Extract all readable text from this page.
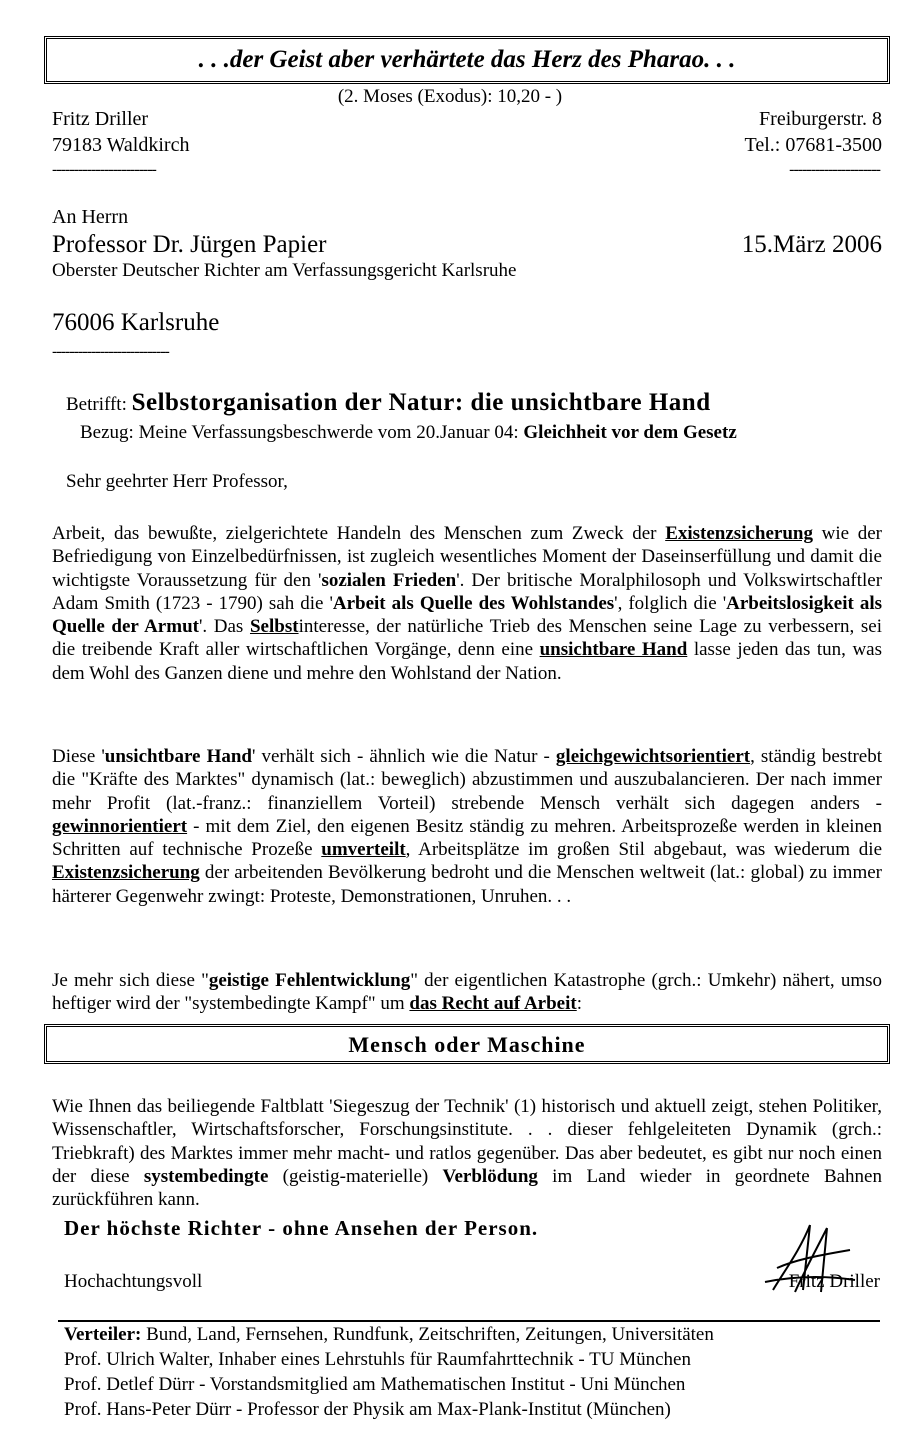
. . .der Geist aber verhärtete das Herz des Pharao. . .
(2. Moses (Exodus): 10,20 - )
Fritz Driller
79183 Waldkirch
------------------------
Freiburgerstr. 8
Tel.: 07681-3500
---------------------
An Herrn
Professor Dr. Jürgen Papier	15.März 2006
Oberster Deutscher Richter am Verfassungsgericht Karlsruhe
76006 Karlsruhe
---------------------------
Betrifft: Selbstorganisation der Natur: die unsichtbare Hand
Bezug: Meine Verfassungsbeschwerde vom 20.Januar 04: Gleichheit vor dem Gesetz
Sehr geehrter Herr Professor,
Arbeit, das bewußte, zielgerichtete Handeln des Menschen zum Zweck der Existenzsicherung wie der Befriedigung von Einzelbedürfnissen, ist zugleich wesentliches Moment der Daseinserfüllung und damit die wichtigste Voraussetzung für den 'sozialen Frieden'. Der britische Moralphilosoph und Volkswirtschaftler Adam Smith (1723 - 1790) sah die 'Arbeit als Quelle des Wohlstandes', folglich die 'Arbeitslosigkeit als Quelle der Armut'. Das Selbstinteresse, der natürliche Trieb des Menschen seine Lage zu verbessern, sei die treibende Kraft aller wirtschaftlichen Vorgänge, denn eine unsichtbare Hand lasse jeden das tun, was dem Wohl des Ganzen diene und mehre den Wohlstand der Nation.
Diese 'unsichtbare Hand' verhält sich - ähnlich wie die Natur - gleichgewichtsorientiert, ständig bestrebt die "Kräfte des Marktes" dynamisch (lat.: beweglich) abzustimmen und auszubalancieren. Der nach immer mehr Profit (lat.-franz.: finanziellem Vorteil) strebende Mensch verhält sich dagegen anders - gewinnorientiert - mit dem Ziel, den eigenen Besitz ständig zu mehren. Arbeitsprozeße werden in kleinen Schritten auf technische Prozeße umverteilt, Arbeitsplätze im großen Stil abgebaut, was wiederum die Existenzsicherung der arbeitenden Bevölkerung bedroht und die Menschen weltweit (lat.: global) zu immer härterer Gegenwehr zwingt: Proteste, Demonstrationen, Unruhen. . .
Je mehr sich diese "geistige Fehlentwicklung" der eigentlichen Katastrophe (grch.: Umkehr) nähert, umso heftiger wird der "systembedingte Kampf" um das Recht auf Arbeit:
Mensch oder Maschine
Wie Ihnen das beiliegende Faltblatt 'Siegeszug der Technik' (1) historisch und aktuell zeigt, stehen Politiker, Wissenschaftler, Wirtschaftsforscher, Forschungsinstitute. . . dieser fehlgeleiteten Dynamik (grch.: Triebkraft) des Marktes immer mehr macht- und ratlos gegenüber. Das aber bedeutet, es gibt nur noch einen der diese systembedingte (geistig-materielle) Verblödung im Land wieder in geordnete Bahnen zurückführen kann.
Der höchste Richter - ohne Ansehen der Person.
Hochachtungsvoll	Fritz Driller
Verteiler: Bund, Land, Fernsehen, Rundfunk, Zeitschriften, Zeitungen, Universitäten
Prof. Ulrich Walter, Inhaber eines Lehrstuhls für Raumfahrttechnik - TU München
Prof. Detlef Dürr - Vorstandsmitglied am Mathematischen Institut - Uni München
Prof. Hans-Peter Dürr - Professor der Physik am Max-Plank-Institut (München)
